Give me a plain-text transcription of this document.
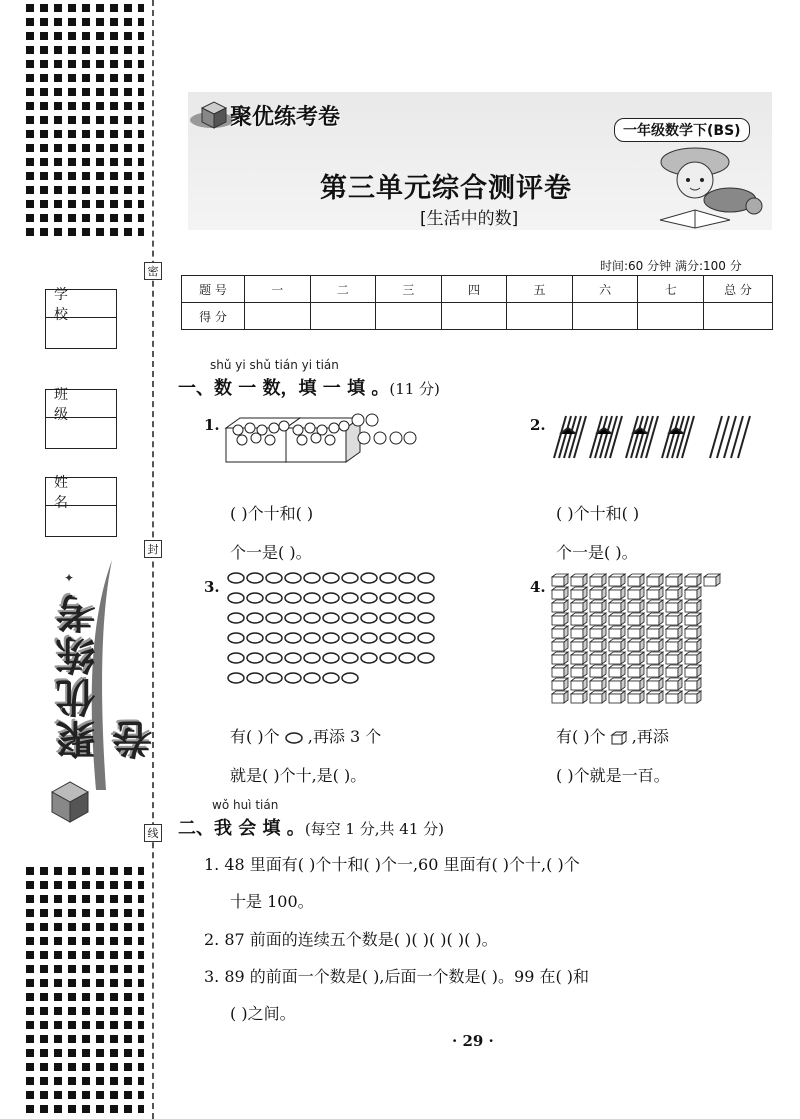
密
封
线
学 校
班 级
姓 名
✦
聚优练考卷
聚优练考卷
一年级数学下(BS)
第三单元综合测评卷
[生活中的数]
时间:60 分钟 满分:100 分
题 号	一	二	三	四	五	六	七	总 分
得 分								
shǔ yi shǔ tián yi tián
一、数 一 数，填 一 填 。(11 分)
1.
( )个十和( )
个一是( )。
2.
( )个十和( )
个一是( )。
3.
有( )个 ,再添 3 个
就是( )个十,是( )。
4.
有( )个 ,再添
( )个就是一百。
wǒ huì tián
二、我 会 填 。(每空 1 分,共 41 分)
1. 48 里面有( )个十和( )个一,60 里面有( )个十,( )个
十是 100。
2. 87 前面的连续五个数是( )( )( )( )( )。
3. 89 的前面一个数是( ),后面一个数是( )。99 在( )和
( )之间。
· 29 ·
